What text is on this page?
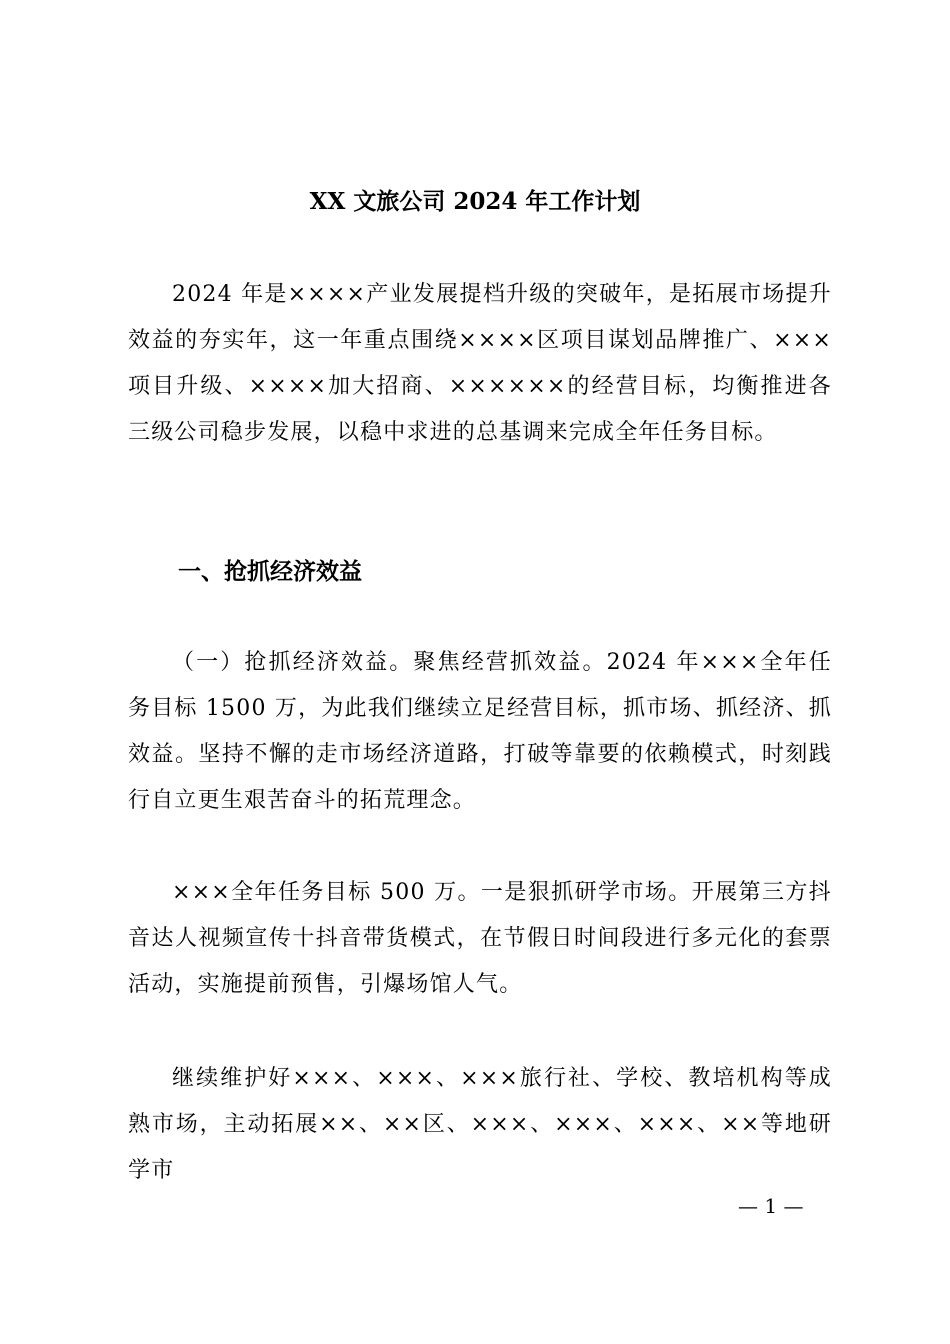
XX 文旅公司 2024 年工作计划

2024 年是××××产业发展提档升级的突破年，是拓展市场提升效益的夯实年，这一年重点围绕××××区项目谋划品牌推广、×××项目升级、××××加大招商、××××××的经营目标，均衡推进各三级公司稳步发展，以稳中求进的总基调来完成全年任务目标。

一、抢抓经济效益

（一）抢抓经济效益。聚焦经营抓效益。2024 年×××全年任务目标 1500 万，为此我们继续立足经营目标，抓市场、抓经济、抓效益。坚持不懈的走市场经济道路，打破等靠要的依赖模式，时刻践行自立更生艰苦奋斗的拓荒理念。

×××全年任务目标 500 万。一是狠抓研学市场。开展第三方抖音达人视频宣传十抖音带货模式，在节假日时间段进行多元化的套票活动，实施提前预售，引爆场馆人气。

继续维护好×××、×××、×××旅行社、学校、教培机构等成熟市场，主动拓展××、××区、×××、×××、×××、××等地研学市

— 1 —
